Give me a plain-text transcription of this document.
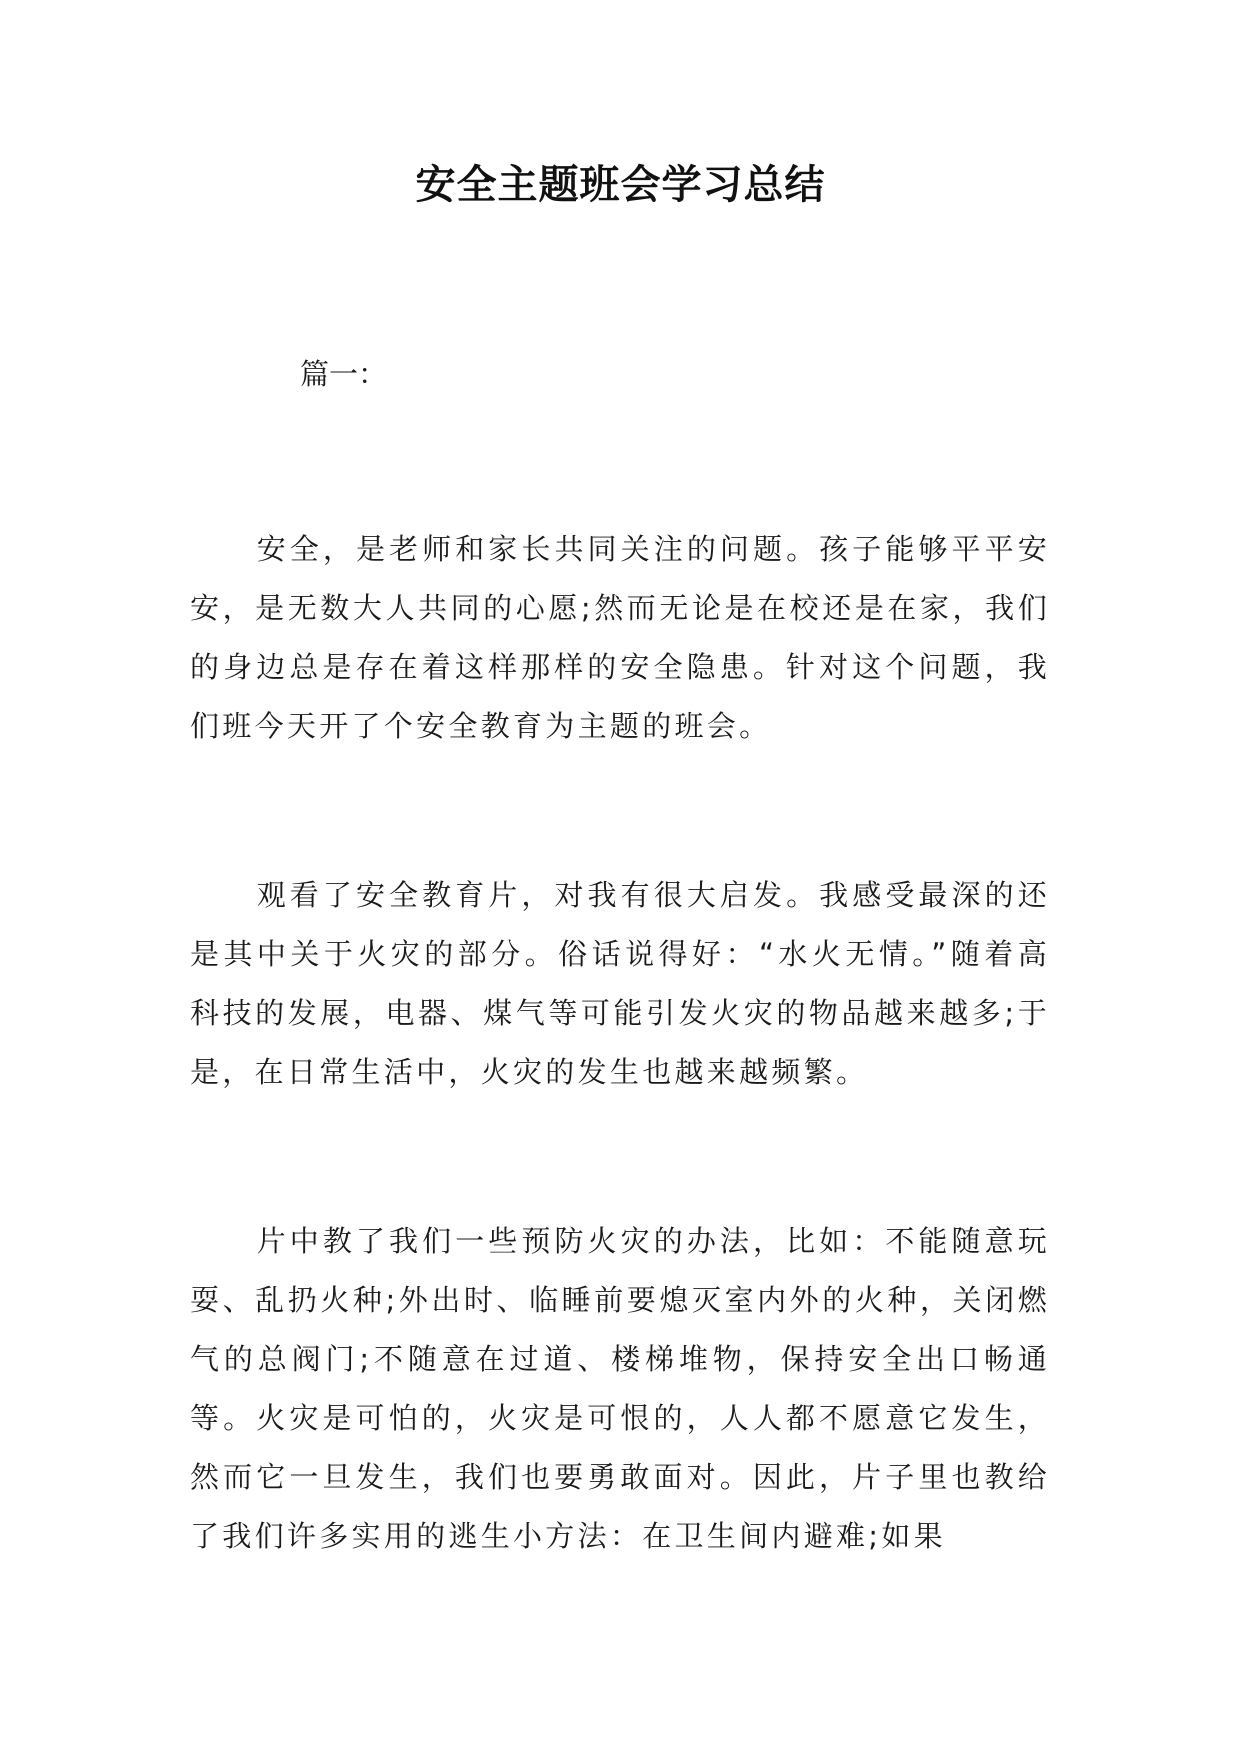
安全主题班会学习总结
篇一：

安全，是老师和家长共同关注的问题。孩子能够平平安安，是无数大人共同的心愿;然而无论是在校还是在家，我们的身边总是存在着这样那样的安全隐患。针对这个问题，我们班今天开了个安全教育为主题的班会。

观看了安全教育片，对我有很大启发。我感受最深的还是其中关于火灾的部分。俗话说得好：“水火无情。”随着高科技的发展，电器、煤气等可能引发火灾的物品越来越多;于是，在日常生活中，火灾的发生也越来越频繁。

片中教了我们一些预防火灾的办法，比如：不能随意玩耍、乱扔火种;外出时、临睡前要熄灭室内外的火种，关闭燃气的总阀门;不随意在过道、楼梯堆物，保持安全出口畅通等。火灾是可怕的，火灾是可恨的，人人都不愿意它发生，然而它一旦发生，我们也要勇敢面对。因此，片子里也教给了我们许多实用的逃生小方法：在卫生间内避难;如果
